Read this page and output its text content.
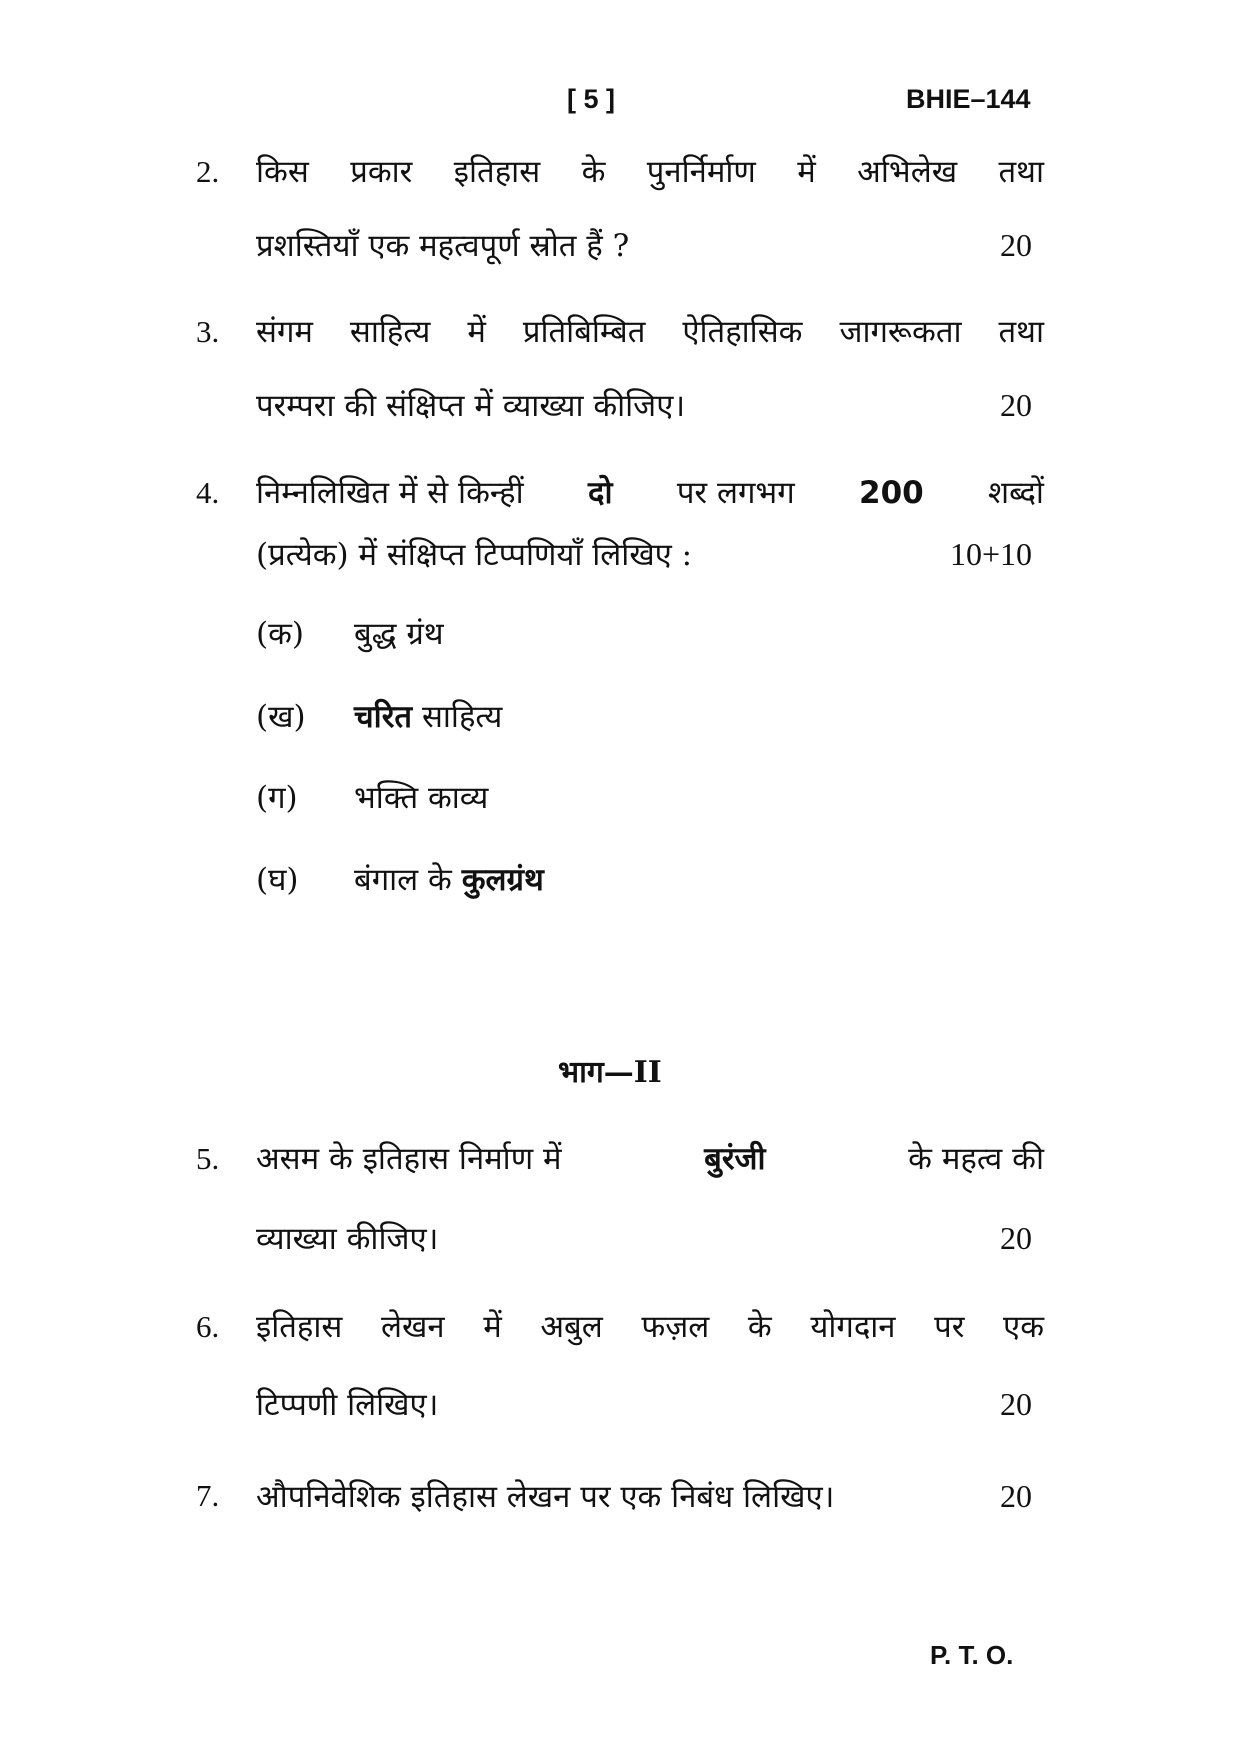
[ 5 ]	BHIE–144
2. किस प्रकार इतिहास के पुनर्निर्माण में अभिलेख तथा
प्रशस्तियाँ एक महत्वपूर्ण स्रोत हैं ?	20
3. संगम साहित्य में प्रतिबिम्बित ऐतिहासिक जागरूकता तथा
परम्परा की संक्षिप्त में व्याख्या कीजिए।	20
4. निम्नलिखित में से किन्हीं दो पर लगभग 200 शब्दों
(प्रत्येक) में संक्षिप्त टिप्पणियाँ लिखिए :	10+10
(क) बुद्ध ग्रंथ
(ख) चरित साहित्य
(ग) भक्ति काव्य
(घ) बंगाल के कुलग्रंथ
भाग—II
5. असम के इतिहास निर्माण में	बुरंजी	के महत्व की
व्याख्या कीजिए।	20
6. इतिहास लेखन में अबुल फज़ल के योगदान पर एक
टिप्पणी लिखिए।	20
7. औपनिवेशिक इतिहास लेखन पर एक निबंध लिखिए।	20
P. T. O.
